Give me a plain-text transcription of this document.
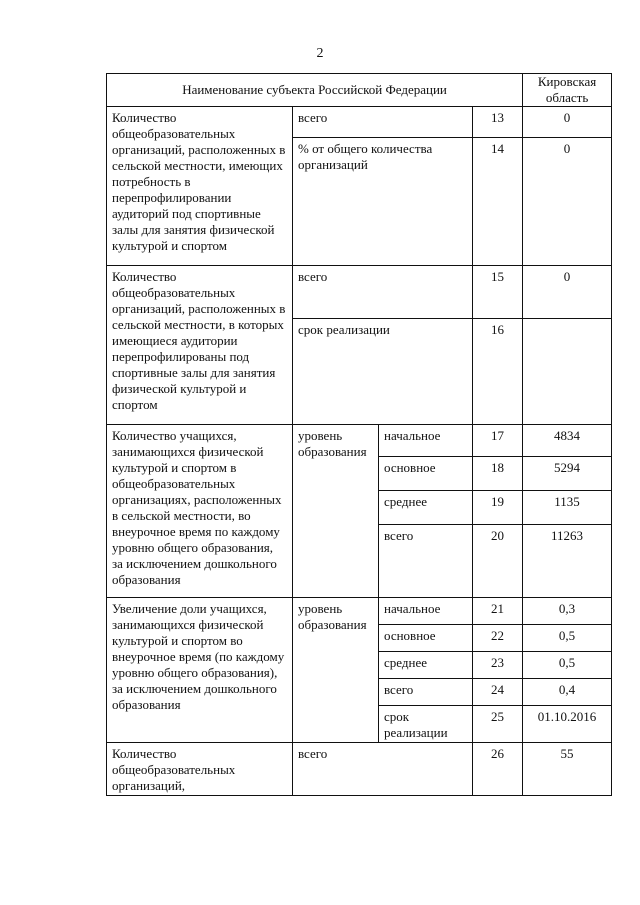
2
Наименование субъекта Российской Федерации				Кировская область
Количество общеобразовательных организаций, расположенных в сельской местности, имеющих потребность в перепрофилировании аудиторий под спортивные залы для занятия физической культурой и спортом	всего		13	0
	% от общего количества организаций		14	0
Количество общеобразовательных организаций, расположенных в сельской местности, в которых имеющиеся аудитории перепрофилированы под спортивные залы для занятия физической культурой и спортом	всего		15	0
	срок реализации		16	
Количество учащихся, занимающихся физической культурой и спортом в общеобразовательных организациях, расположенных в сельской местности, во внеурочное время по каждому уровню общего образования, за исключением дошкольного образования	уровень образования	начальное	17	4834
		основное	18	5294
		среднее	19	1135
		всего	20	11263
Увеличение доли учащихся, занимающихся физической культурой и спортом во внеурочное время (по каждому уровню общего образования), за исключением дошкольного образования	уровень образования	начальное	21	0,3
		основное	22	0,5
		среднее	23	0,5
		всего	24	0,4
		срок реализации	25	01.10.2016
Количество общеобразовательных организаций,	всего		26	55
